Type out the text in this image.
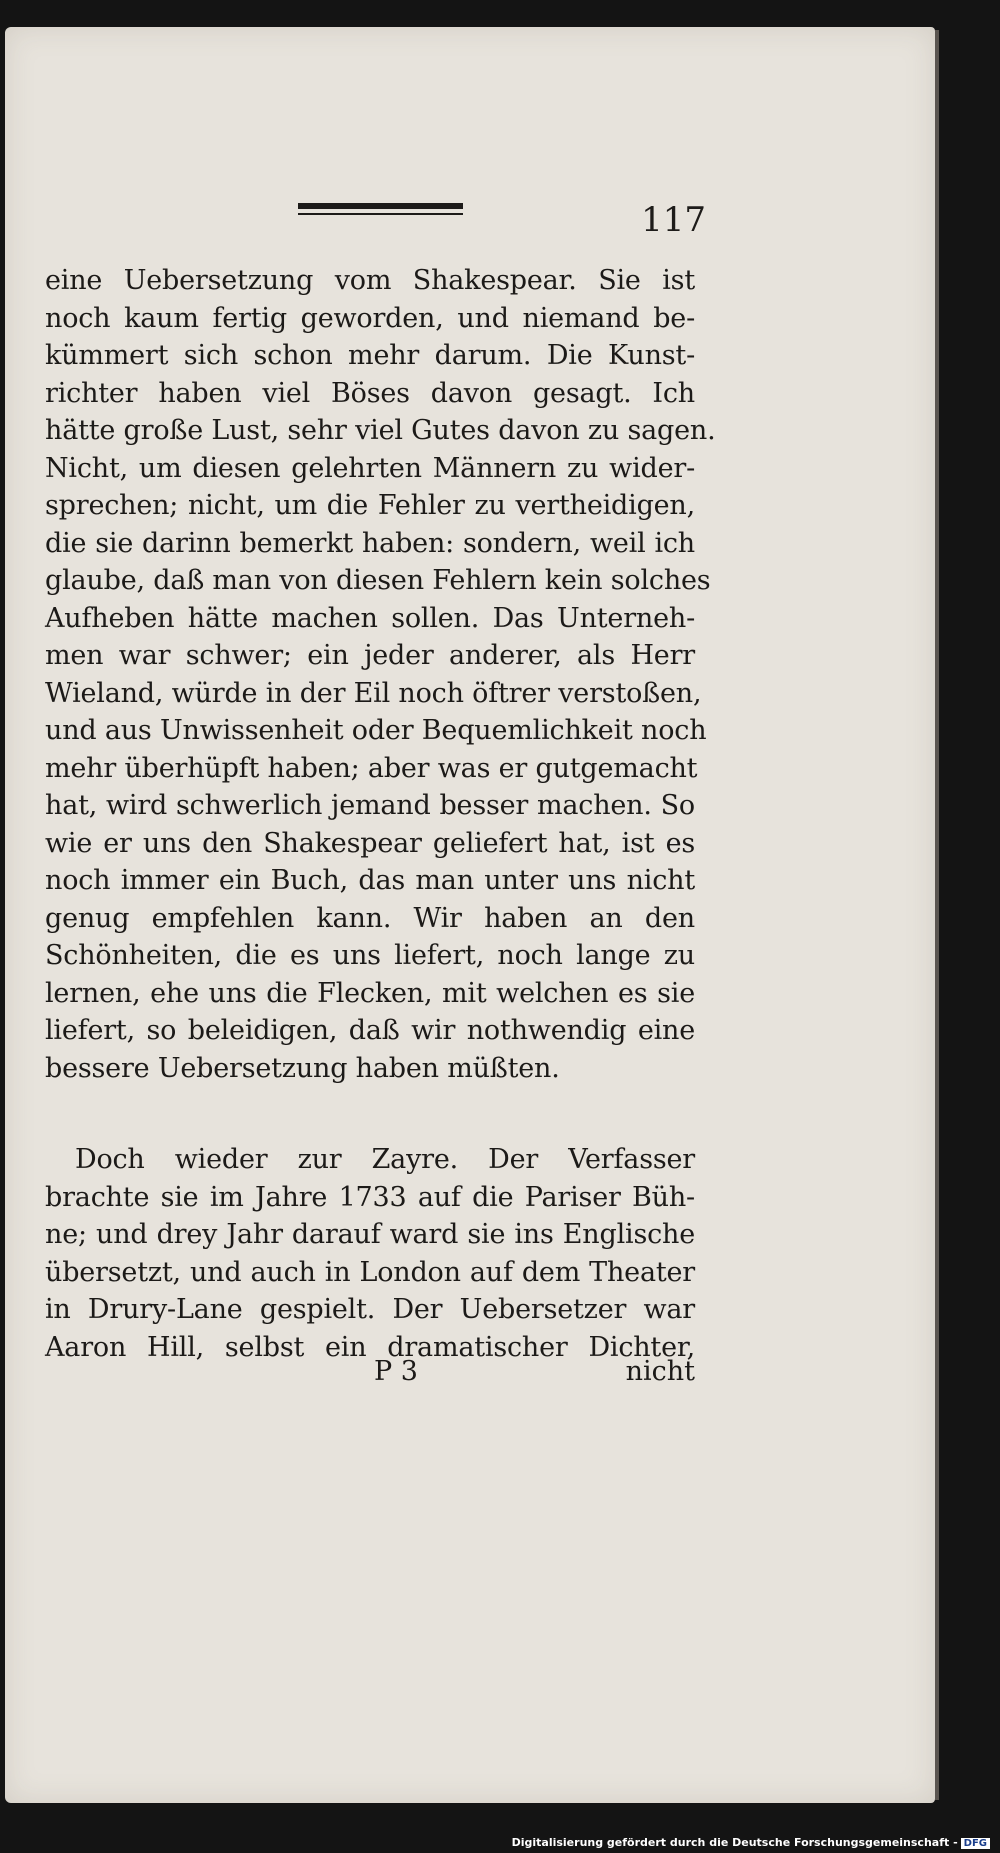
117
eine Uebersetzung vom Shakespear. Sie ist
noch kaum fertig geworden, und niemand be-
kümmert sich schon mehr darum. Die Kunst-
richter haben viel Böses davon gesagt. Ich
hätte große Lust, sehr viel Gutes davon zu sagen.
Nicht, um diesen gelehrten Männern zu wider-
sprechen; nicht, um die Fehler zu vertheidigen,
die sie darinn bemerkt haben: sondern, weil ich
glaube, daß man von diesen Fehlern kein solches
Aufheben hätte machen sollen. Das Unterneh-
men war schwer; ein jeder anderer, als Herr
Wieland, würde in der Eil noch öftrer verstoßen,
und aus Unwissenheit oder Bequemlichkeit noch
mehr überhüpft haben; aber was er gutgemacht
hat, wird schwerlich jemand besser machen. So
wie er uns den Shakespear geliefert hat, ist es
noch immer ein Buch, das man unter uns nicht
genug empfehlen kann. Wir haben an den
Schönheiten, die es uns liefert, noch lange zu
lernen, ehe uns die Flecken, mit welchen es sie
liefert, so beleidigen, daß wir nothwendig eine
bessere Uebersetzung haben müßten.
Doch wieder zur Zayre. Der Verfasser
brachte sie im Jahre 1733 auf die Pariser Büh-
ne; und drey Jahr darauf ward sie ins Englische
übersetzt, und auch in London auf dem Theater
in Drury-Lane gespielt. Der Uebersetzer war
Aaron Hill, selbst ein dramatischer Dichter,
P 3	nicht
Digitalisierung gefördert durch die Deutsche Forschungsgemeinschaft - DFG
